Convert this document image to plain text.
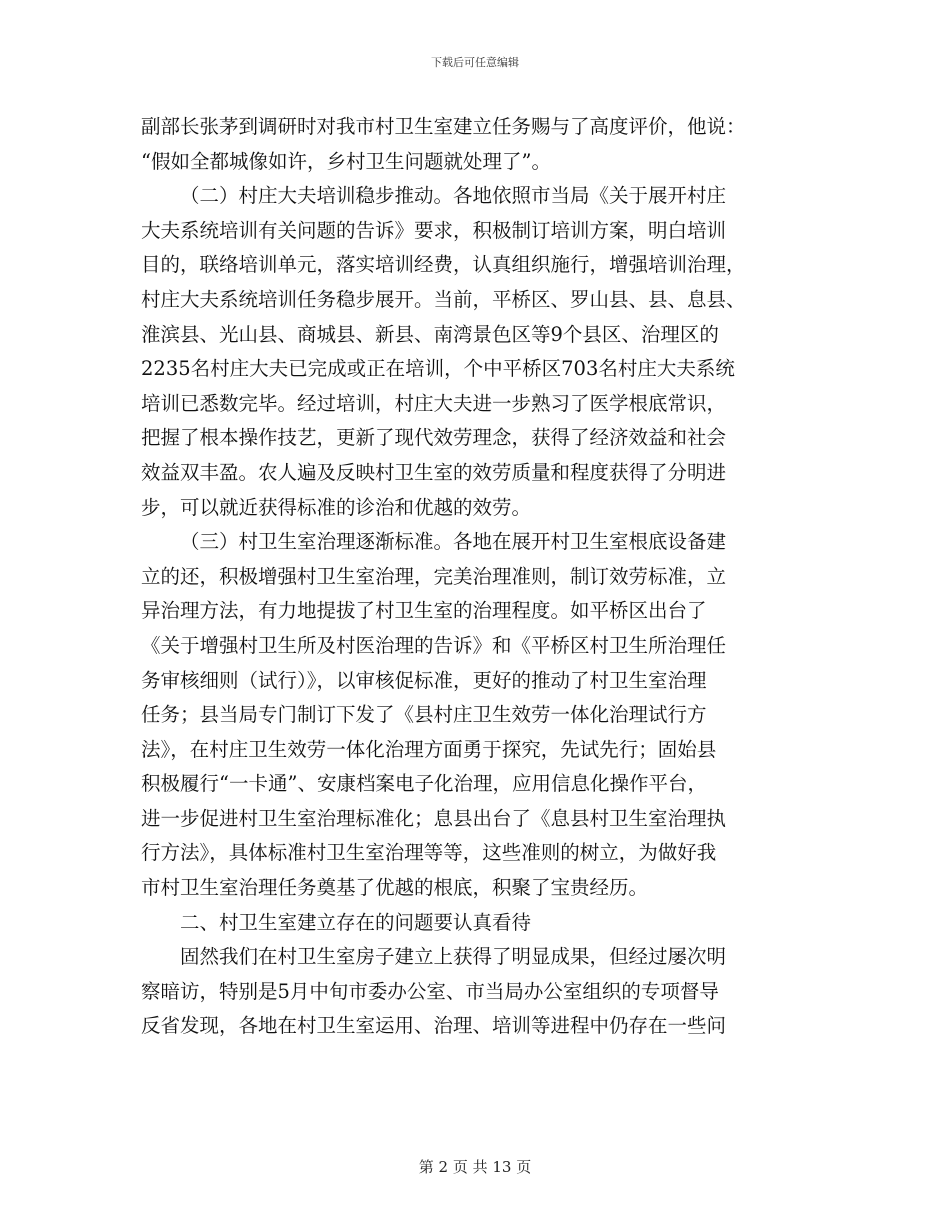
下载后可任意编辑
副部长张茅到调研时对我市村卫生室建立任务赐与了高度评价，他说：
“假如全都城像如许，乡村卫生问题就处理了”。
（二）村庄大夫培训稳步推动。各地依照市当局《关于展开村庄
大夫系统培训有关问题的告诉》要求，积极制订培训方案，明白培训
目的，联络培训单元，落实培训经费，认真组织施行，增强培训治理，
村庄大夫系统培训任务稳步展开。当前，平桥区、罗山县、县、息县、
淮滨县、光山县、商城县、新县、南湾景色区等9个县区、治理区的
2235名村庄大夫已完成或正在培训，个中平桥区703名村庄大夫系统
培训已悉数完毕。经过培训，村庄大夫进一步熟习了医学根底常识，
把握了根本操作技艺，更新了现代效劳理念，获得了经济效益和社会
效益双丰盈。农人遍及反映村卫生室的效劳质量和程度获得了分明进
步，可以就近获得标准的诊治和优越的效劳。
（三）村卫生室治理逐渐标准。各地在展开村卫生室根底设备建
立的还，积极增强村卫生室治理，完美治理准则，制订效劳标准，立
异治理方法，有力地提拔了村卫生室的治理程度。如平桥区出台了
《关于增强村卫生所及村医治理的告诉》和《平桥区村卫生所治理任
务审核细则（试行）》，以审核促标准，更好的推动了村卫生室治理
任务；县当局专门制订下发了《县村庄卫生效劳一体化治理试行方
法》，在村庄卫生效劳一体化治理方面勇于探究，先试先行；固始县
积极履行“一卡通”、安康档案电子化治理，应用信息化操作平台，
进一步促进村卫生室治理标准化；息县出台了《息县村卫生室治理执
行方法》，具体标准村卫生室治理等等，这些准则的树立，为做好我
市村卫生室治理任务奠基了优越的根底，积聚了宝贵经历。
二、村卫生室建立存在的问题要认真看待
固然我们在村卫生室房子建立上获得了明显成果，但经过屡次明
察暗访，特别是5月中旬市委办公室、市当局办公室组织的专项督导
反省发现，各地在村卫生室运用、治理、培训等进程中仍存在一些问
第 2 页 共 13 页
